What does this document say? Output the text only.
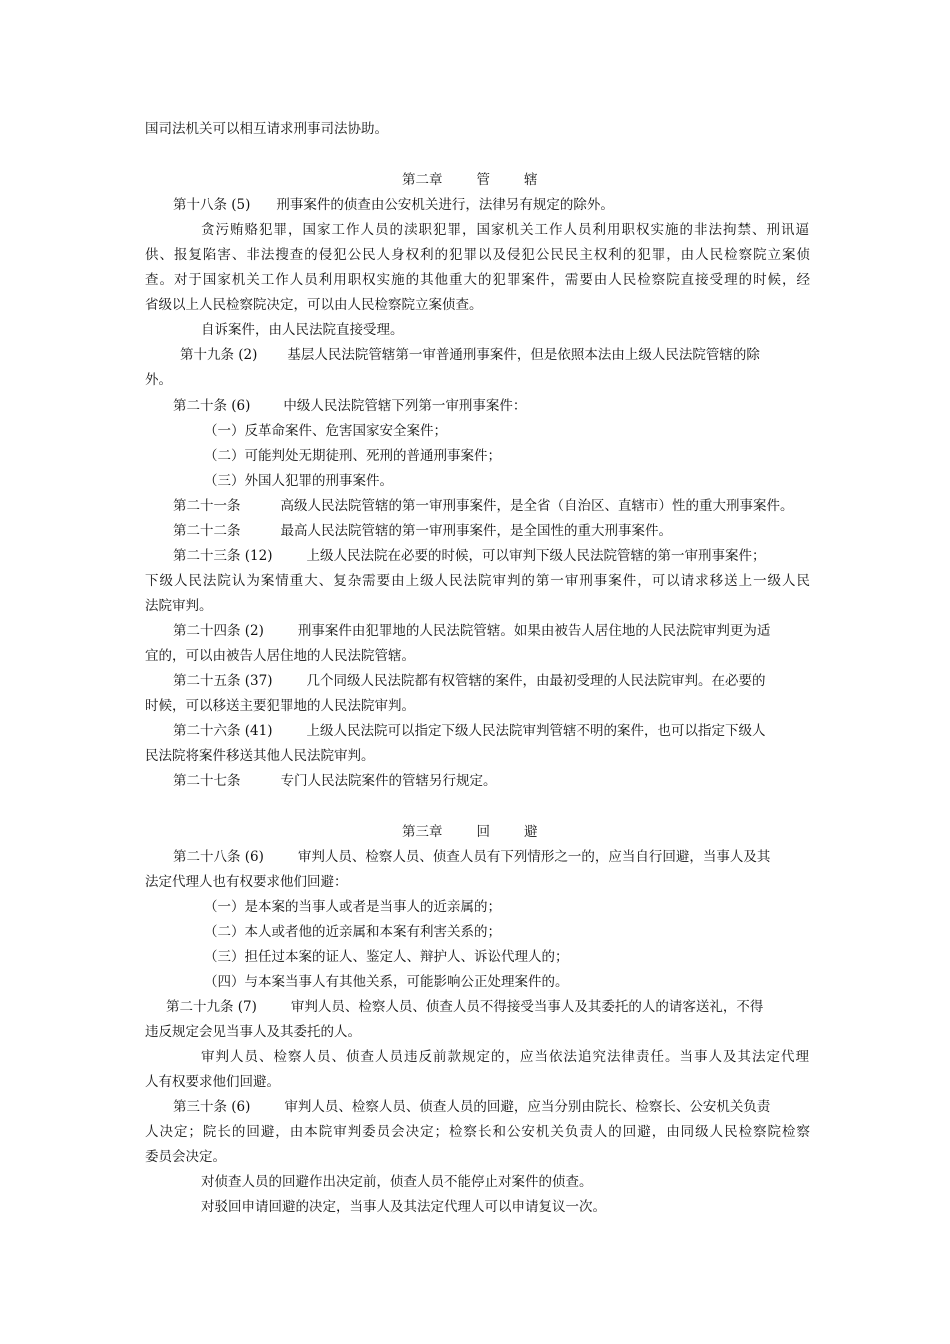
国司法机关可以相互请求刑事司法协助。
第二章	管	辖
第十八条 (5) 刑事案件的侦查由公安机关进行，法律另有规定的除外。
贪污贿赂犯罪，国家工作人员的渎职犯罪，国家机关工作人员利用职权实施的非法拘禁、刑讯逼
供、报复陷害、非法搜查的侵犯公民人身权利的犯罪以及侵犯公民民主权利的犯罪，由人民检察院立案侦
查。对于国家机关工作人员利用职权实施的其他重大的犯罪案件，需要由人民检察院直接受理的时候，经
省级以上人民检察院决定，可以由人民检察院立案侦查。
自诉案件，由人民法院直接受理。
第十九条 (2) 基层人民法院管辖第一审普通刑事案件，但是依照本法由上级人民法院管辖的除
外。
第二十条 (6) 中级人民法院管辖下列第一审刑事案件：
（一）反革命案件、危害国家安全案件；
（二）可能判处无期徒刑、死刑的普通刑事案件；
（三）外国人犯罪的刑事案件。
第二十一条	高级人民法院管辖的第一审刑事案件，是全省（自治区、直辖市）性的重大刑事案件。
第二十二条	最高人民法院管辖的第一审刑事案件，是全国性的重大刑事案件。
第二十三条 (12)	上级人民法院在必要的时候，可以审判下级人民法院管辖的第一审刑事案件；
下级人民法院认为案情重大、复杂需要由上级人民法院审判的第一审刑事案件，可以请求移送上一级人民
法院审判。
第二十四条 (2)	刑事案件由犯罪地的人民法院管辖。如果由被告人居住地的人民法院审判更为适
宜的，可以由被告人居住地的人民法院管辖。
第二十五条 (37)	几个同级人民法院都有权管辖的案件，由最初受理的人民法院审判。在必要的
时候，可以移送主要犯罪地的人民法院审判。
第二十六条 (41)	上级人民法院可以指定下级人民法院审判管辖不明的案件，也可以指定下级人
民法院将案件移送其他人民法院审判。
第二十七条	专门人民法院案件的管辖另行规定。
第三章	回	避
第二十八条 (6)	审判人员、检察人员、侦查人员有下列情形之一的，应当自行回避，当事人及其
法定代理人也有权要求他们回避：
（一）是本案的当事人或者是当事人的近亲属的；
（二）本人或者他的近亲属和本案有利害关系的；
（三）担任过本案的证人、鉴定人、辩护人、诉讼代理人的；
（四）与本案当事人有其他关系，可能影响公正处理案件的。
第二十九条 (7)	审判人员、检察人员、侦查人员不得接受当事人及其委托的人的请客送礼，不得
违反规定会见当事人及其委托的人。
审判人员、检察人员、侦查人员违反前款规定的，应当依法追究法律责任。当事人及其法定代理
人有权要求他们回避。
第三十条 (6)	审判人员、检察人员、侦查人员的回避，应当分别由院长、检察长、公安机关负责
人决定；院长的回避，由本院审判委员会决定；检察长和公安机关负责人的回避，由同级人民检察院检察
委员会决定。
对侦查人员的回避作出决定前，侦查人员不能停止对案件的侦查。
对驳回申请回避的决定，当事人及其法定代理人可以申请复议一次。
